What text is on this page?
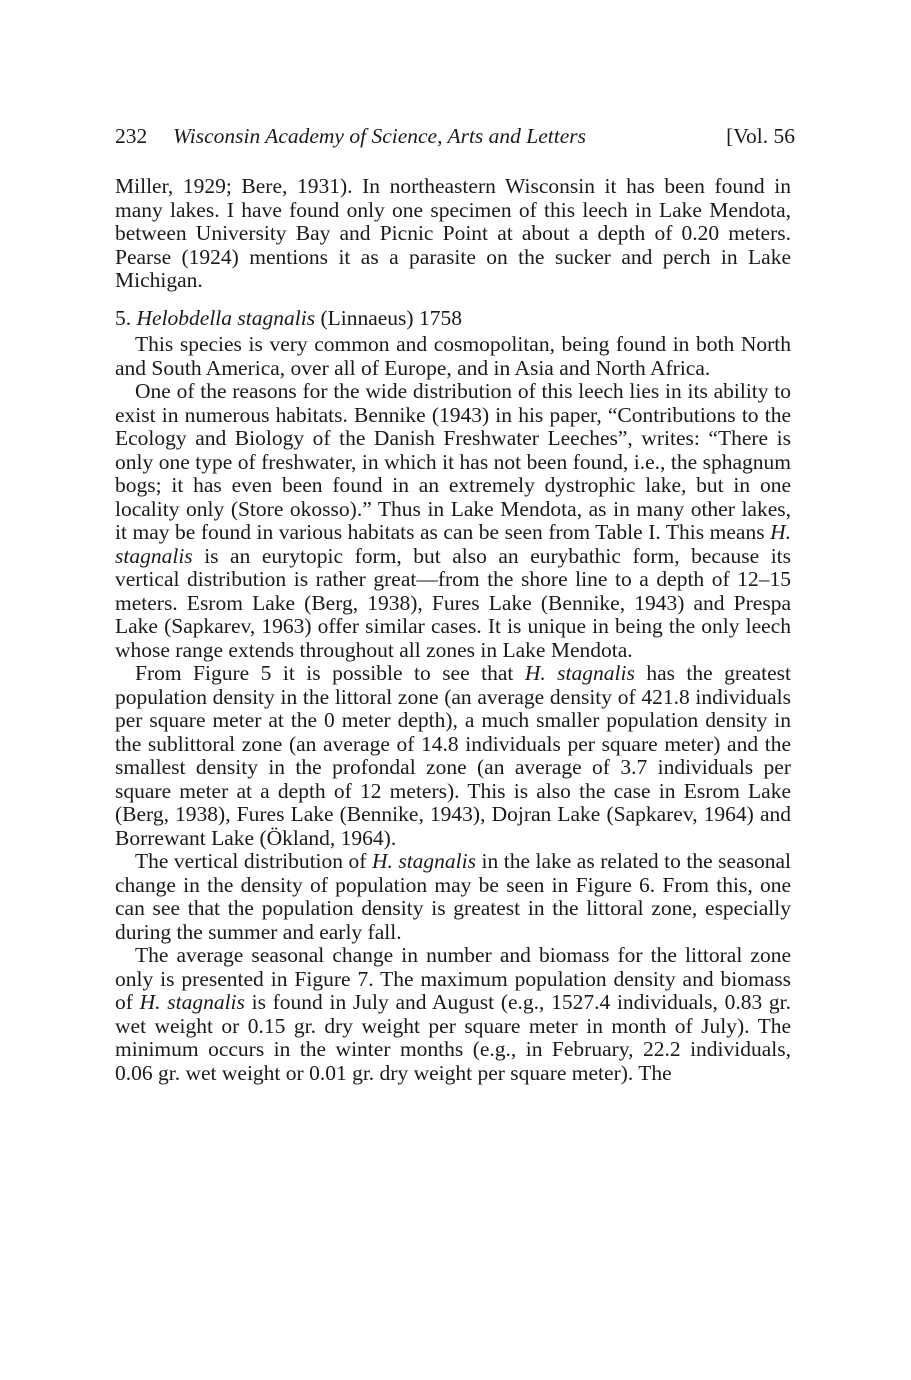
232 Wisconsin Academy of Science, Arts and Letters	[Vol. 56

Miller, 1929; Bere, 1931). In northeastern Wisconsin it has been found in many lakes. I have found only one specimen of this leech in Lake Mendota, between University Bay and Picnic Point at about a depth of 0.20 meters. Pearse (1924) mentions it as a parasite on the sucker and perch in Lake Michigan.

5. Helobdella stagnalis (Linnaeus) 1758

This species is very common and cosmopolitan, being found in both North and South America, over all of Europe, and in Asia and North Africa.

One of the reasons for the wide distribution of this leech lies in its ability to exist in numerous habitats. Bennike (1943) in his paper, “Contributions to the Ecology and Biology of the Danish Freshwater Leeches”, writes: “There is only one type of freshwater, in which it has not been found, i.e., the sphagnum bogs; it has even been found in an extremely dystrophic lake, but in one locality only (Store okosso).” Thus in Lake Mendota, as in many other lakes, it may be found in various habitats as can be seen from Table I. This means H. stagnalis is an eurytopic form, but also an eurybathic form, because its vertical distribution is rather great—from the shore line to a depth of 12–15 meters. Esrom Lake (Berg, 1938), Fures Lake (Bennike, 1943) and Prespa Lake (Sapkarev, 1963) offer similar cases. It is unique in being the only leech whose range extends throughout all zones in Lake Mendota.

From Figure 5 it is possible to see that H. stagnalis has the greatest population density in the littoral zone (an average density of 421.8 individuals per square meter at the 0 meter depth), a much smaller population density in the sublittoral zone (an average of 14.8 individuals per square meter) and the smallest density in the profondal zone (an average of 3.7 individuals per square meter at a depth of 12 meters). This is also the case in Esrom Lake (Berg, 1938), Fures Lake (Bennike, 1943), Dojran Lake (Sapkarev, 1964) and Borrewant Lake (Ökland, 1964).

The vertical distribution of H. stagnalis in the lake as related to the seasonal change in the density of population may be seen in Figure 6. From this, one can see that the population density is greatest in the littoral zone, especially during the summer and early fall.

The average seasonal change in number and biomass for the littoral zone only is presented in Figure 7. The maximum population density and biomass of H. stagnalis is found in July and August (e.g., 1527.4 individuals, 0.83 gr. wet weight or 0.15 gr. dry weight per square meter in month of July). The minimum occurs in the winter months (e.g., in February, 22.2 individuals, 0.06 gr. wet weight or 0.01 gr. dry weight per square meter). The
